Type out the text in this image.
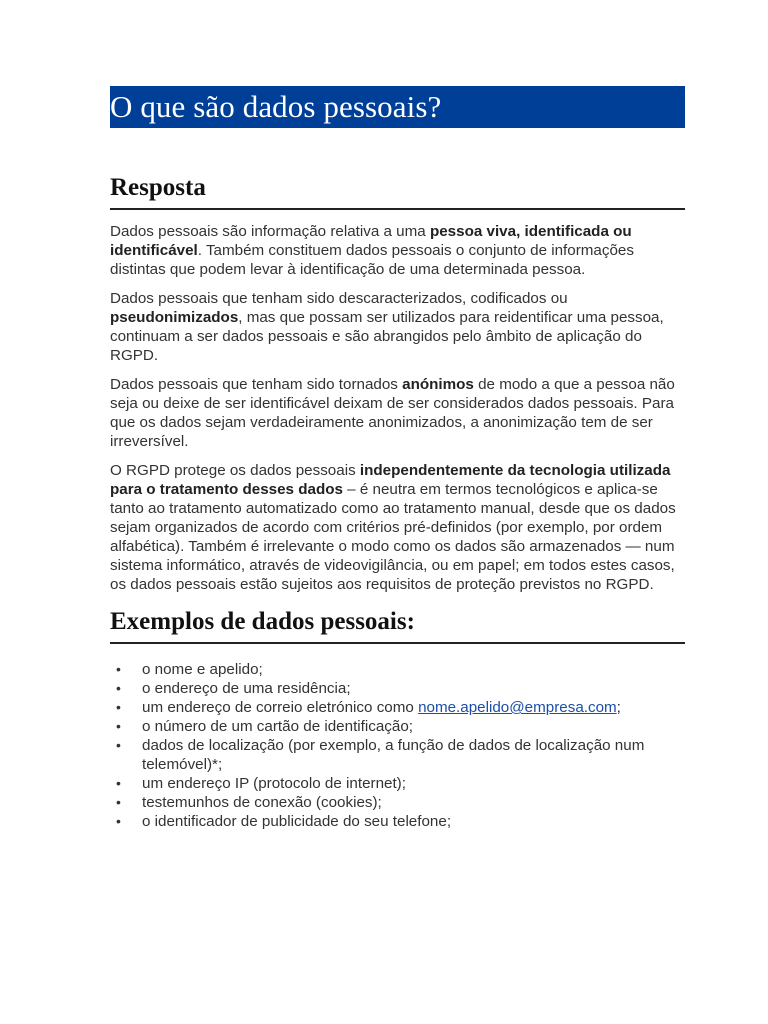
O que são dados pessoais?
Resposta

Dados pessoais são informação relativa a uma pessoa viva, identificada ou identificável. Também constituem dados pessoais o conjunto de informações distintas que podem levar à identificação de uma determinada pessoa.

Dados pessoais que tenham sido descaracterizados, codificados ou pseudonimizados, mas que possam ser utilizados para reidentificar uma pessoa, continuam a ser dados pessoais e são abrangidos pelo âmbito de aplicação do RGPD.

Dados pessoais que tenham sido tornados anónimos de modo a que a pessoa não seja ou deixe de ser identificável deixam de ser considerados dados pessoais. Para que os dados sejam verdadeiramente anonimizados, a anonimização tem de ser irreversível.

O RGPD protege os dados pessoais independentemente da tecnologia utilizada para o tratamento desses dados – é neutra em termos tecnológicos e aplica-se tanto ao tratamento automatizado como ao tratamento manual, desde que os dados sejam organizados de acordo com critérios pré-definidos (por exemplo, por ordem alfabética). Também é irrelevante o modo como os dados são armazenados — num sistema informático, através de videovigilância, ou em papel; em todos estes casos, os dados pessoais estão sujeitos aos requisitos de proteção previstos no RGPD.

Exemplos de dados pessoais:
• o nome e apelido;
• o endereço de uma residência;
• um endereço de correio eletrónico como nome.apelido@empresa.com;
• o número de um cartão de identificação;
• dados de localização (por exemplo, a função de dados de localização num telemóvel)*;
• um endereço IP (protocolo de internet);
• testemunhos de conexão (cookies);
• o identificador de publicidade do seu telefone;
